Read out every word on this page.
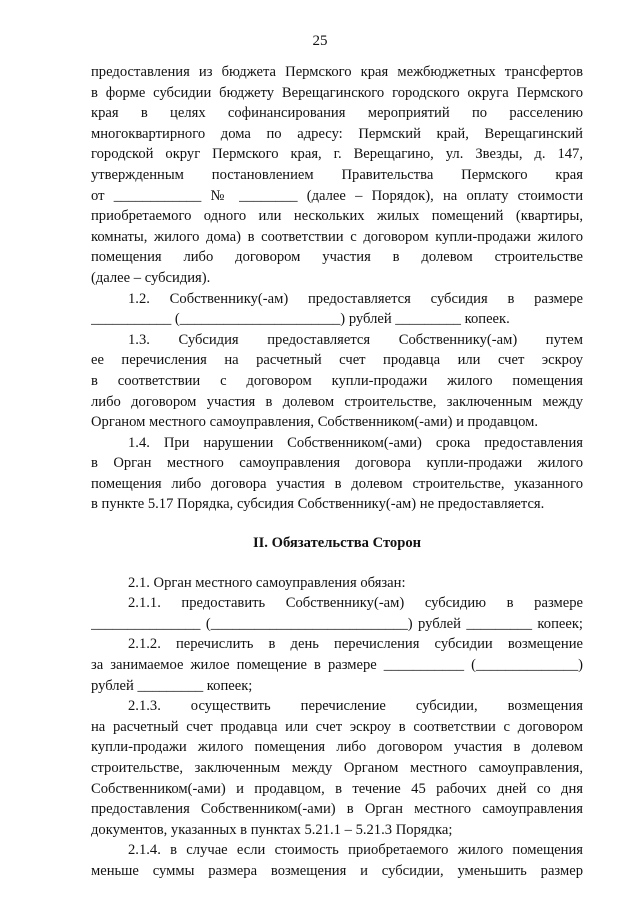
25
предоставления из бюджета Пермского края межбюджетных трансфертов
в форме субсидии бюджету Верещагинского городского округа Пермского
края в целях софинансирования мероприятий по расселению
многоквартирного дома по адресу: Пермский край, Верещагинский
городской округ Пермского края, г. Верещагино, ул. Звезды, д. 147,
утвержденным постановлением Правительства Пермского края
от ____________ № ________ (далее – Порядок), на оплату стоимости
приобретаемого одного или нескольких жилых помещений (квартиры,
комнаты, жилого дома) в соответствии с договором купли-продажи жилого
помещения либо договором участия в долевом строительстве
(далее – субсидия).
1.2. Собственнику(-ам) предоставляется субсидия в размере
___________ (______________________) рублей _________ копеек.
1.3. Субсидия предоставляется Собственнику(-ам) путем
ее перечисления на расчетный счет продавца или счет эскроу
в соответствии с договором купли-продажи жилого помещения
либо договором участия в долевом строительстве, заключенным между
Органом местного самоуправления, Собственником(-ами) и продавцом.
1.4. При нарушении Собственником(-ами) срока предоставления
в Орган местного самоуправления договора купли-продажи жилого
помещения либо договора участия в долевом строительстве, указанного
в пункте 5.17 Порядка, субсидия Собственнику(-ам) не предоставляется.
II. Обязательства Сторон
2.1. Орган местного самоуправления обязан:
2.1.1. предоставить Собственнику(-ам) субсидию в размере
_______________ (___________________________) рублей _________ копеек;
2.1.2. перечислить в день перечисления субсидии возмещение
за занимаемое жилое помещение в размере ___________ (______________)
рублей _________ копеек;
2.1.3. осуществить перечисление субсидии, возмещения
на расчетный счет продавца или счет эскроу в соответствии с договором
купли-продажи жилого помещения либо договором участия в долевом
строительстве, заключенным между Органом местного самоуправления,
Собственником(-ами) и продавцом, в течение 45 рабочих дней со дня
предоставления Собственником(-ами) в Орган местного самоуправления
документов, указанных в пунктах 5.21.1 – 5.21.3 Порядка;
2.1.4. в случае если стоимость приобретаемого жилого помещения
меньше суммы размера возмещения и субсидии, уменьшить размер
